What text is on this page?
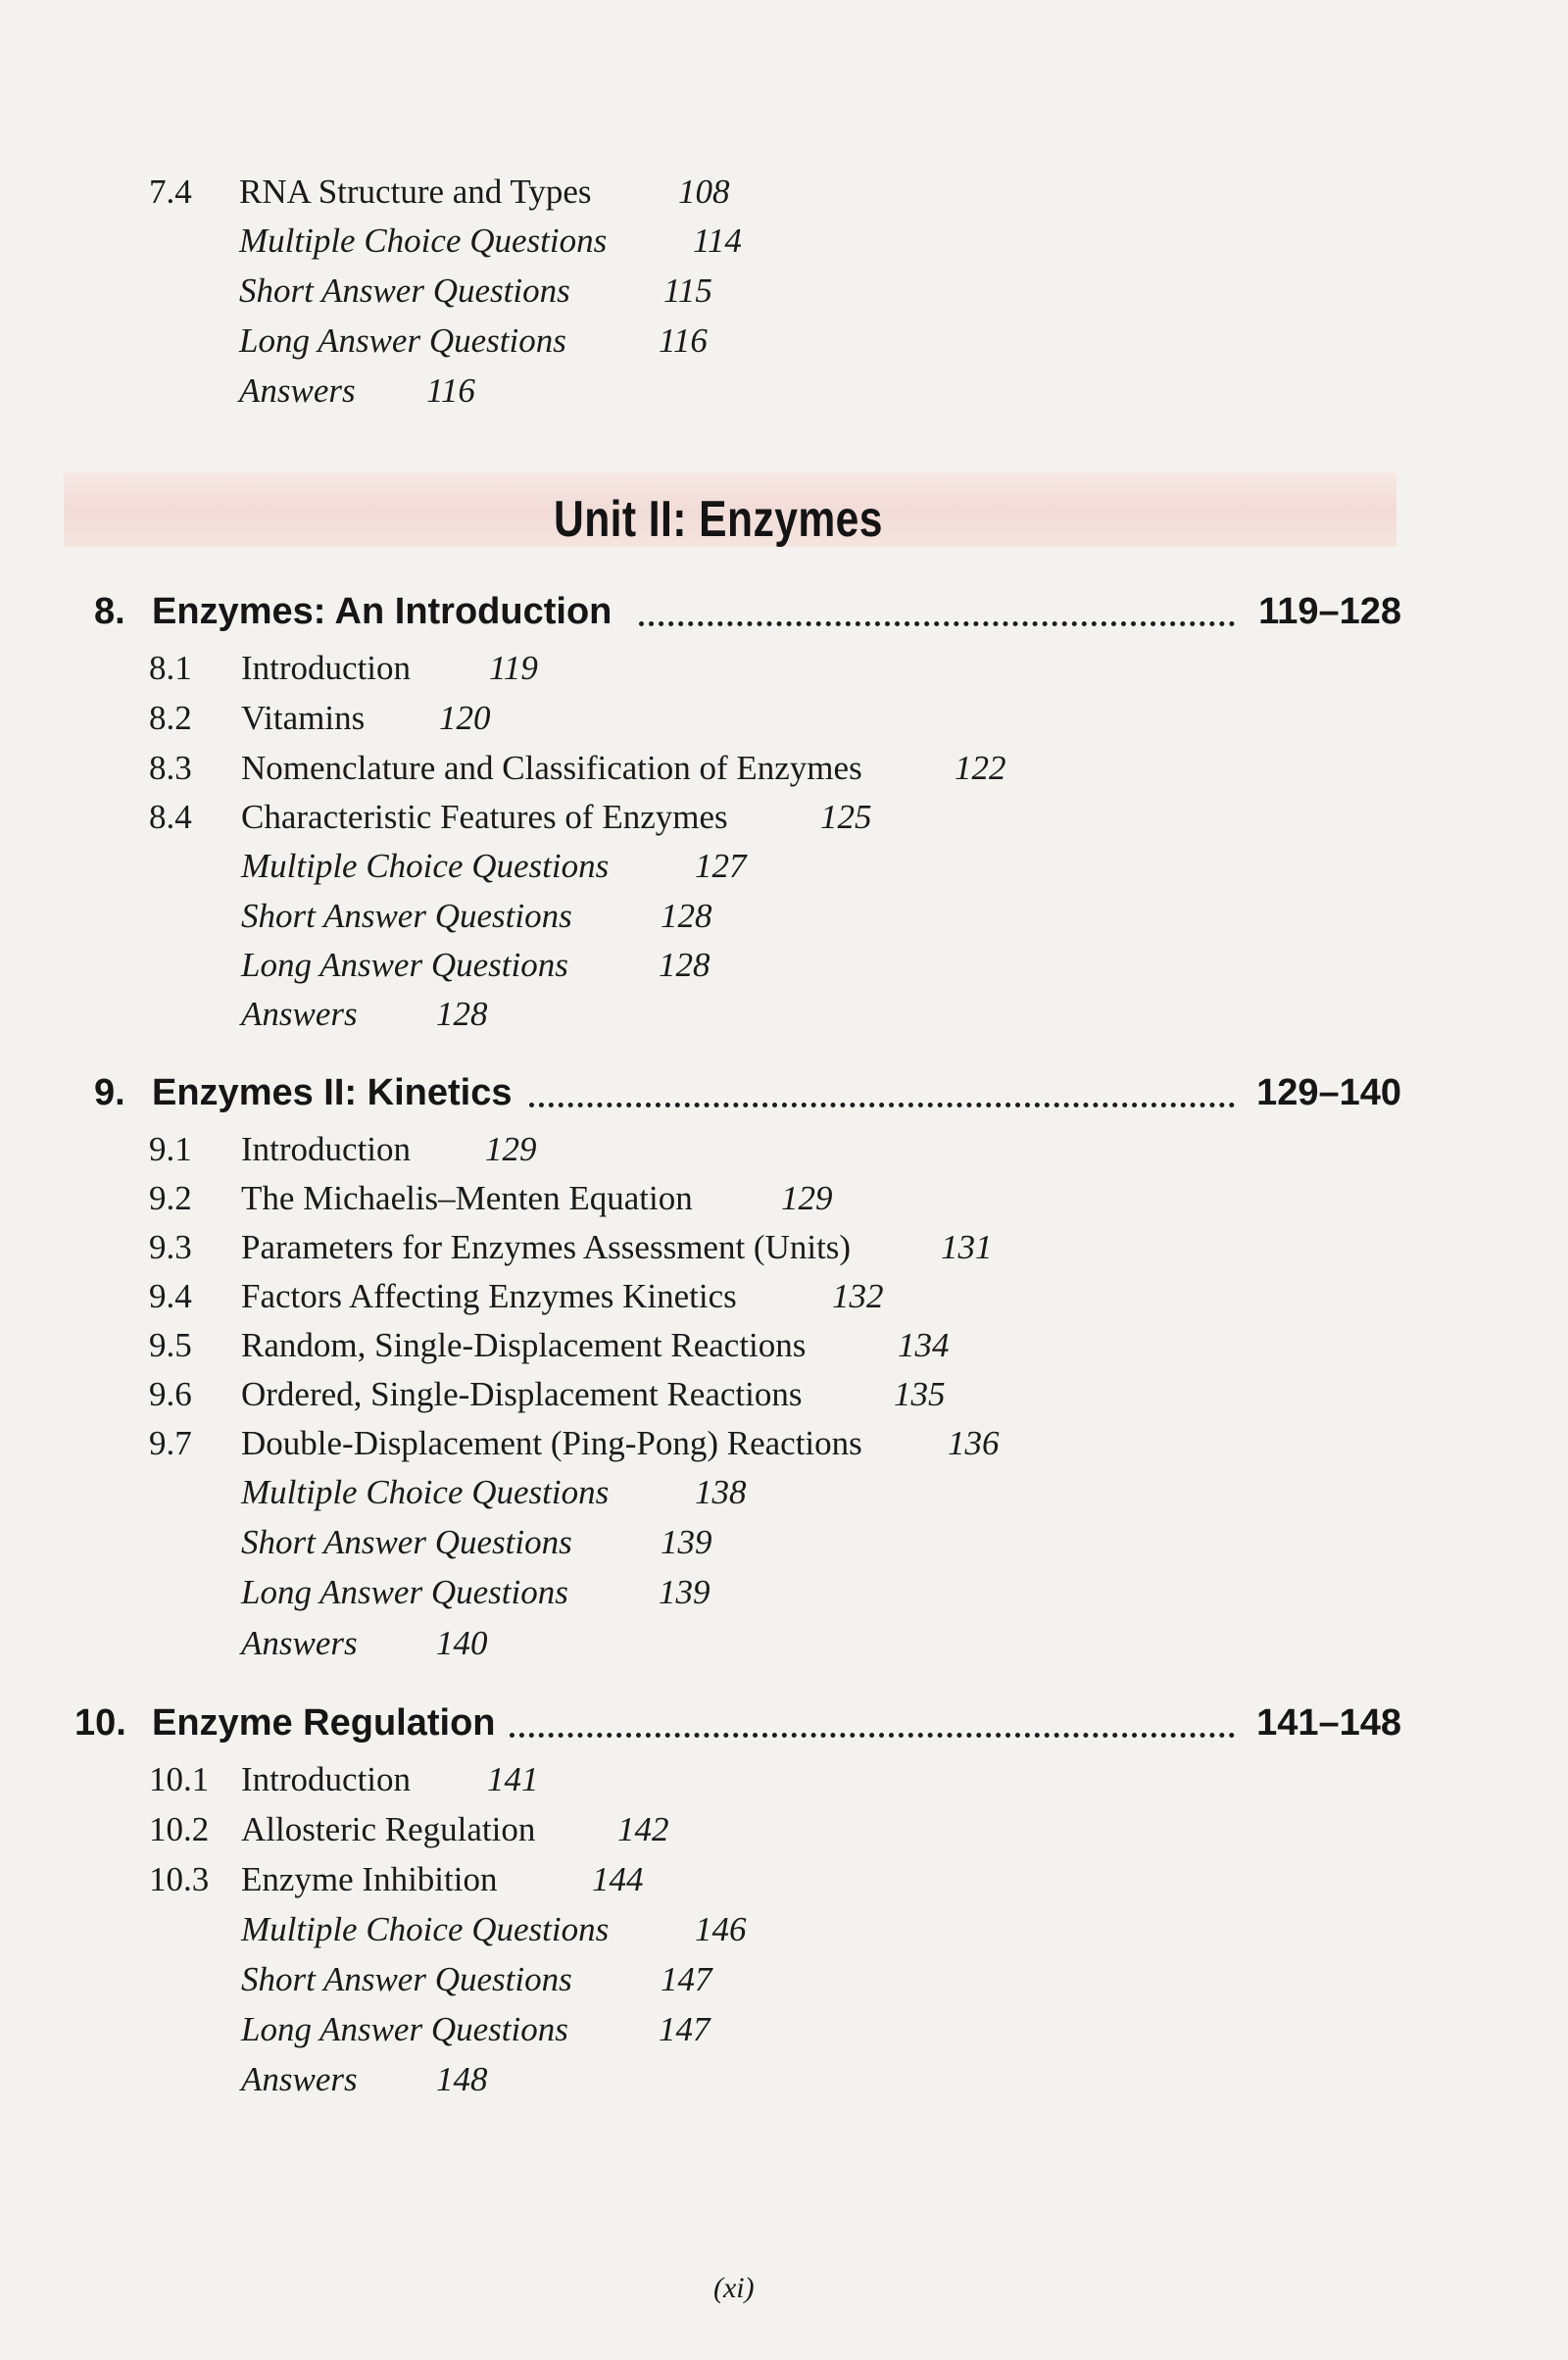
7.4 RNA Structure and Types	108
Multiple Choice Questions	114
Short Answer Questions	115
Long Answer Questions	116
Answers 116
Unit II: Enzymes
8. Enzymes: An Introduction	119–128
8.1 Introduction 119
8.2 Vitamins 120
8.3 Nomenclature and Classification of Enzymes	122
8.4 Characteristic Features of Enzymes	125
Multiple Choice Questions	127
Short Answer Questions	128
Long Answer Questions	128
Answers 128
9. Enzymes II: Kinetics	129–140
9.1 Introduction 129
9.2 The Michaelis–Menten Equation	129
9.3 Parameters for Enzymes Assessment (Units)	131
9.4 Factors Affecting Enzymes Kinetics	132
9.5 Random, Single-Displacement Reactions	134
9.6 Ordered, Single-Displacement Reactions	135
9.7 Double-Displacement (Ping-Pong) Reactions 136
Multiple Choice Questions	138
Short Answer Questions	139
Long Answer Questions	139
Answers 140
10. Enzyme Regulation	141–148
10.1 Introduction 141
10.2 Allosteric Regulation 142
10.3 Enzyme Inhibition	144
Multiple Choice Questions	146
Short Answer Questions	147
Long Answer Questions	147
Answers 148
(xi)
